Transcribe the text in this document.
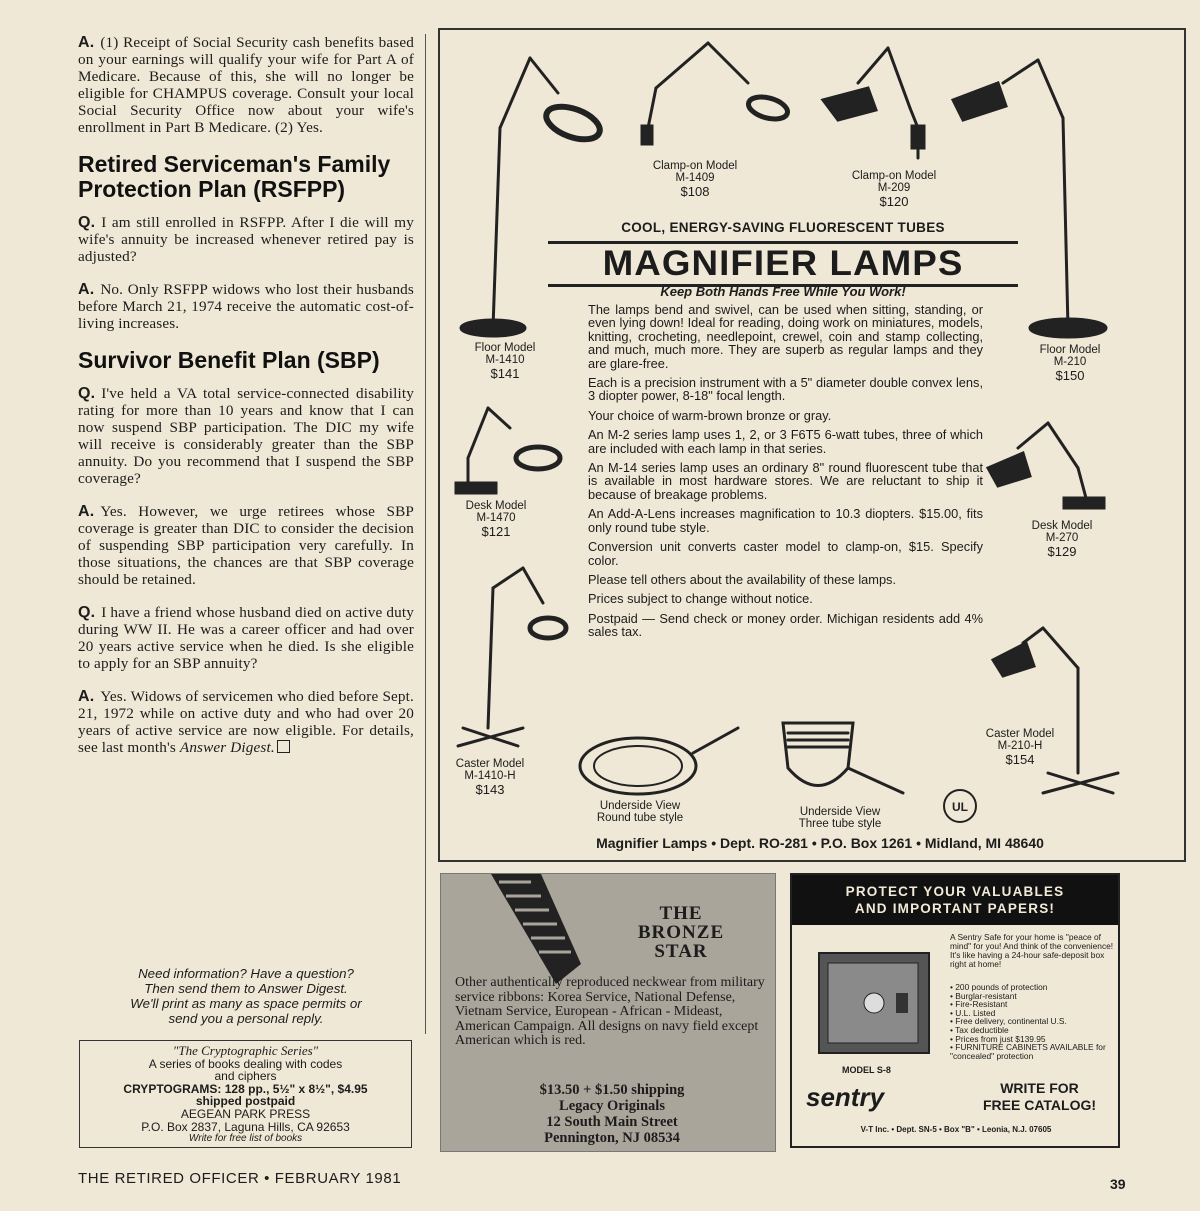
A. (1) Receipt of Social Security cash benefits based on your earnings will qualify your wife for Part A of Medicare. Because of this, she will no longer be eligible for CHAMPUS coverage. Consult your local Social Security Office now about your wife's enrollment in Part B Medicare. (2) Yes.

Retired Serviceman's Family Protection Plan (RSFPP)

Q. I am still enrolled in RSFPP. After I die will my wife's annuity be increased whenever retired pay is adjusted?

A. No. Only RSFPP widows who lost their husbands before March 21, 1974 receive the automatic cost-of-living increases.

Survivor Benefit Plan (SBP)

Q. I've held a VA total service-connected disability rating for more than 10 years and know that I can now suspend SBP participation. The DIC my wife will receive is considerably greater than the SBP annuity. Do you recommend that I suspend the SBP coverage?

A. Yes. However, we urge retirees whose SBP coverage is greater than DIC to consider the decision of suspending SBP participation very carefully. In those situations, the chances are that SBP coverage should be retained.

Q. I have a friend whose husband died on active duty during WW II. He was a career officer and had over 20 years active service when he died. Is she eligible to apply for an SBP annuity?

A. Yes. Widows of servicemen who died before Sept. 21, 1972 while on active duty and who had over 20 years of active service are now eligible. For details, see last month's Answer Digest.

Need information? Have a question?
Then send them to Answer Digest.
We'll print as many as space permits or
send you a personal reply.
"The Cryptographic Series"
A series of books dealing with codes
and ciphers
CRYPTOGRAMS: 128 pp., 5½" x 8½", $4.95
shipped postpaid
AEGEAN PARK PRESS
P.O. Box 2837, Laguna Hills, CA 92653
Write for free list of books
UL
Clamp-on Model
M-1409
$108
Clamp-on Model
M-209
$120
Floor Model
M-1410
$141
Floor Model
M-210
$150
Desk Model
M-1470
$121	Desk Model
M-270
$129
Caster Model
M-1410-H
$143
Caster Model
M-210-H
$154
COOL, ENERGY-SAVING FLUORESCENT TUBES
MAGNIFIER LAMPS
Keep Both Hands Free While You Work!

The lamps bend and swivel, can be used when sitting, standing, or even lying down! Ideal for reading, doing work on miniatures, models, knitting, crocheting, needlepoint, crewel, coin and stamp collecting, and much, much more. They are superb as regular lamps and they are glare-free.

Each is a precision instrument with a 5" diameter double convex lens, 3 diopter power, 8-18" focal length.

Your choice of warm-brown bronze or gray.

An M-2 series lamp uses 1, 2, or 3 F6T5 6-watt tubes, three of which are included with each lamp in that series.

An M-14 series lamp uses an ordinary 8" round fluorescent tube that is available in most hardware stores. We are reluctant to ship it because of breakage problems.

An Add-A-Lens increases magnification to 10.3 diopters. $15.00, fits only round tube style.

Conversion unit converts caster model to clamp-on, $15. Specify color.

Please tell others about the availability of these lamps.

Prices subject to change without notice.

Postpaid — Send check or money order. Michigan residents add 4% sales tax.

Underside View
Round tube style	Underside View
Three tube style
Magnifier Lamps • Dept. RO-281 • P.O. Box 1261 • Midland, MI 48640
THE
BRONZE
STAR
Other authentically reproduced neckwear from military service ribbons: Korea Service, National Defense, Vietnam Service, European - African - Mideast, American Campaign. All designs on navy field except American which is red.
$13.50 + $1.50 shipping
Legacy Originals
12 South Main Street
Pennington, NJ 08534
PROTECT YOUR VALUABLES
AND IMPORTANT PAPERS!
A Sentry Safe for your home is "peace of mind" for you! And think of the convenience! It's like having a 24-hour safe-deposit box right at home!
• 200 pounds of protection
• Burglar-resistant
• Fire-Resistant
• U.L. Listed
• Free delivery, continental U.S.
• Tax deductible
• Prices from just $139.95
• FURNITURE CABINETS AVAILABLE for "concealed" protection
MODEL S-8
sentry	WRITE FOR
FREE CATALOG!
V-T Inc. • Dept. SN-5 • Box "B" • Leonia, N.J. 07605
THE RETIRED OFFICER • FEBRUARY 1981	39
